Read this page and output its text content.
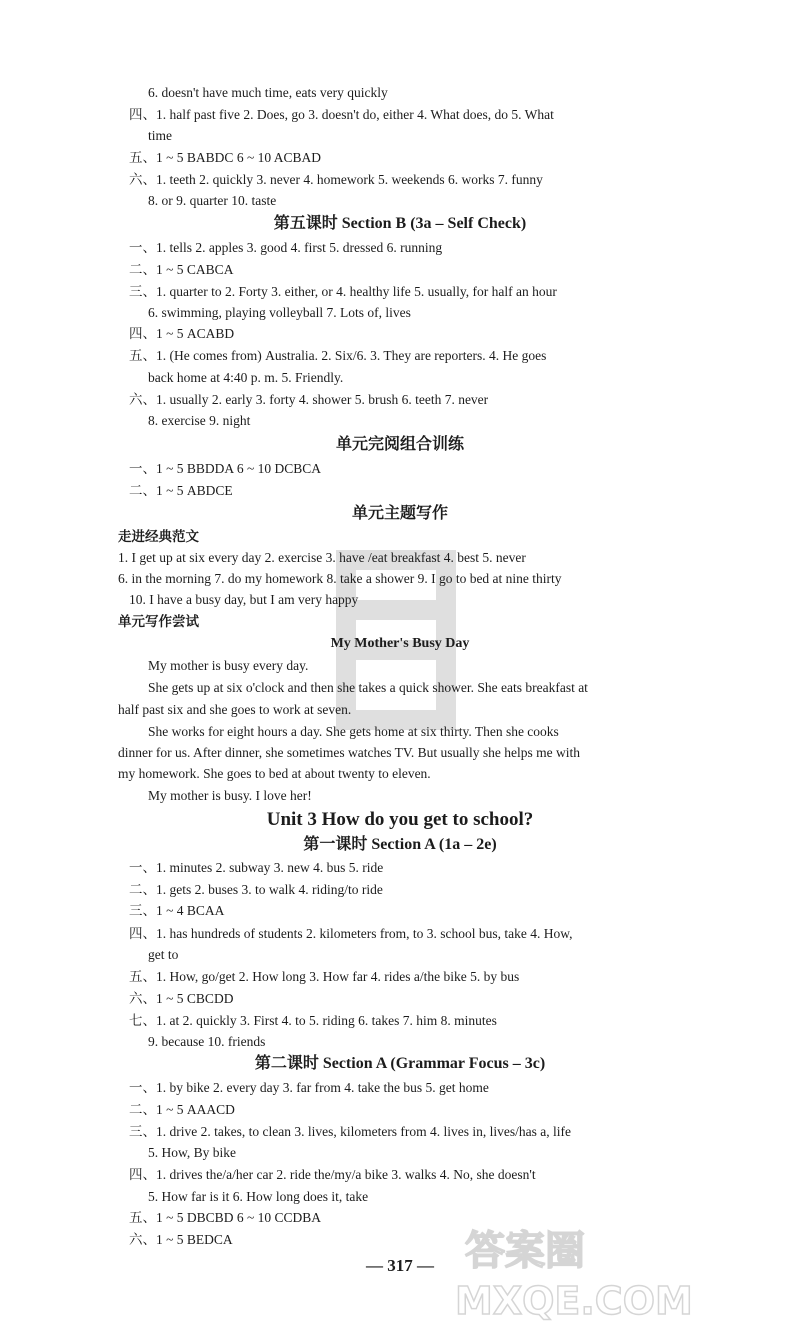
6. doesn't have much time, eats very quickly
四、1. half past five 2. Does, go 3. doesn't do, either 4. What does, do 5. What
time
五、1 ~ 5 BABDC 6 ~ 10 ACBAD
六、1. teeth 2. quickly 3. never 4. homework 5. weekends 6. works 7. funny
8. or 9. quarter 10. taste
第五课时 Section B (3a – Self Check)
一、1. tells 2. apples 3. good 4. first 5. dressed 6. running
二、1 ~ 5 CABCA
三、1. quarter to 2. Forty 3. either, or 4. healthy life 5. usually, for half an hour
6. swimming, playing volleyball 7. Lots of, lives
四、1 ~ 5 ACABD
五、1. (He comes from) Australia. 2. Six/6. 3. They are reporters. 4. He goes
back home at 4:40 p. m. 5. Friendly.
六、1. usually 2. early 3. forty 4. shower 5. brush 6. teeth 7. never
8. exercise 9. night
单元完阅组合训练
一、1 ~ 5 BBDDA 6 ~ 10 DCBCA
二、1 ~ 5 ABDCE
单元主题写作
走进经典范文
1. I get up at six every day 2. exercise 3. have /eat breakfast 4. best 5. never
6. in the morning 7. do my homework 8. take a shower 9. I go to bed at nine thirty
10. I have a busy day, but I am very happy
单元写作尝试
My Mother's Busy Day
My mother is busy every day.
She gets up at six o'clock and then she takes a quick shower. She eats breakfast at
half past six and she goes to work at seven.
She works for eight hours a day. She gets home at six thirty. Then she cooks
dinner for us. After dinner, she sometimes watches TV. But usually she helps me with
my homework. She goes to bed at about twenty to eleven.
My mother is busy. I love her!
Unit 3 How do you get to school?
第一课时 Section A (1a – 2e)
一、1. minutes 2. subway 3. new 4. bus 5. ride
二、1. gets 2. buses 3. to walk 4. riding/to ride
三、1 ~ 4 BCAA
四、1. has hundreds of students 2. kilometers from, to 3. school bus, take 4. How,
get to
五、1. How, go/get 2. How long 3. How far 4. rides a/the bike 5. by bus
六、1 ~ 5 CBCDD
七、1. at 2. quickly 3. First 4. to 5. riding 6. takes 7. him 8. minutes
9. because 10. friends
第二课时 Section A (Grammar Focus – 3c)
一、1. by bike 2. every day 3. far from 4. take the bus 5. get home
二、1 ~ 5 AAACD
三、1. drive 2. takes, to clean 3. lives, kilometers from 4. lives in, lives/has a, life
5. How, By bike
四、1. drives the/a/her car 2. ride the/my/a bike 3. walks 4. No, she doesn't
5. How far is it 6. How long does it, take
五、1 ~ 5 DBCBD 6 ~ 10 CCDBA
六、1 ~ 5 BEDCA
— 317 — 答案圈
MXQE.COM
